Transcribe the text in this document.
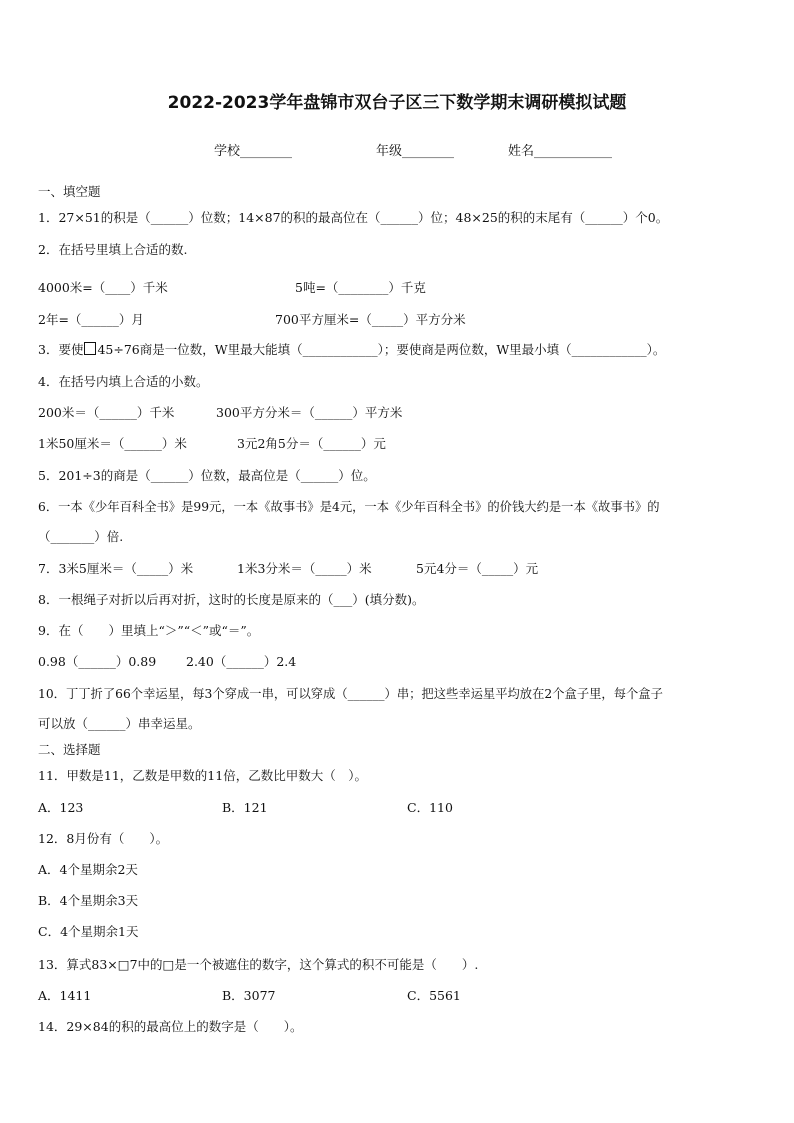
2022-2023学年盘锦市双台子区三下数学期末调研模拟试题
学校________	年级________	姓名____________
一、填空题
1．27×51的积是（______）位数；14×87的积的最高位在（______）位；48×25的积的末尾有（______）个0。
2．在括号里填上合适的数.
4000米=（____）千米	5吨=（________）千克
2年=（______）月	700平方厘米=（_____）平方分米
3．要使 45÷76商是一位数，W里最大能填（____________）；要使商是两位数，W里最小填（____________）。
4．在括号内填上合适的小数。
200米＝（______）千米	300平方分米＝（______）平方米
1米50厘米＝（______）米	3元2角5分＝（______）元
5．201÷3的商是（______）位数，最高位是（______）位。
6．一本《少年百科全书》是99元，一本《故事书》是4元，一本《少年百科全书》的价钱大约是一本《故事书》的
（_______）倍.
7．3米5厘米＝（_____）米	1米3分米＝（_____）米	5元4分＝（_____）元
8．一根绳子对折以后再对折，这时的长度是原来的（___）(填分数)。
9．在（　　）里填上“＞”“＜”或“＝”。
0.98（______）0.89 2.40（______）2.4
10．丁丁折了66个幸运星，每3个穿成一串，可以穿成（______）串；把这些幸运星平均放在2个盒子里，每个盒子
可以放（______）串幸运星。
二、选择题
11．甲数是11，乙数是甲数的11倍，乙数比甲数大（　）。
A．123	B．121	C．110
12．8月份有（　　）。
A．4个星期余2天
B．4个星期余3天
C．4个星期余1天
13．算式83×□7中的□是一个被遮住的数字，这个算式的积不可能是（　　）.
A．1411	B．3077	C．5561
14．29×84的积的最高位上的数字是（　　）。
